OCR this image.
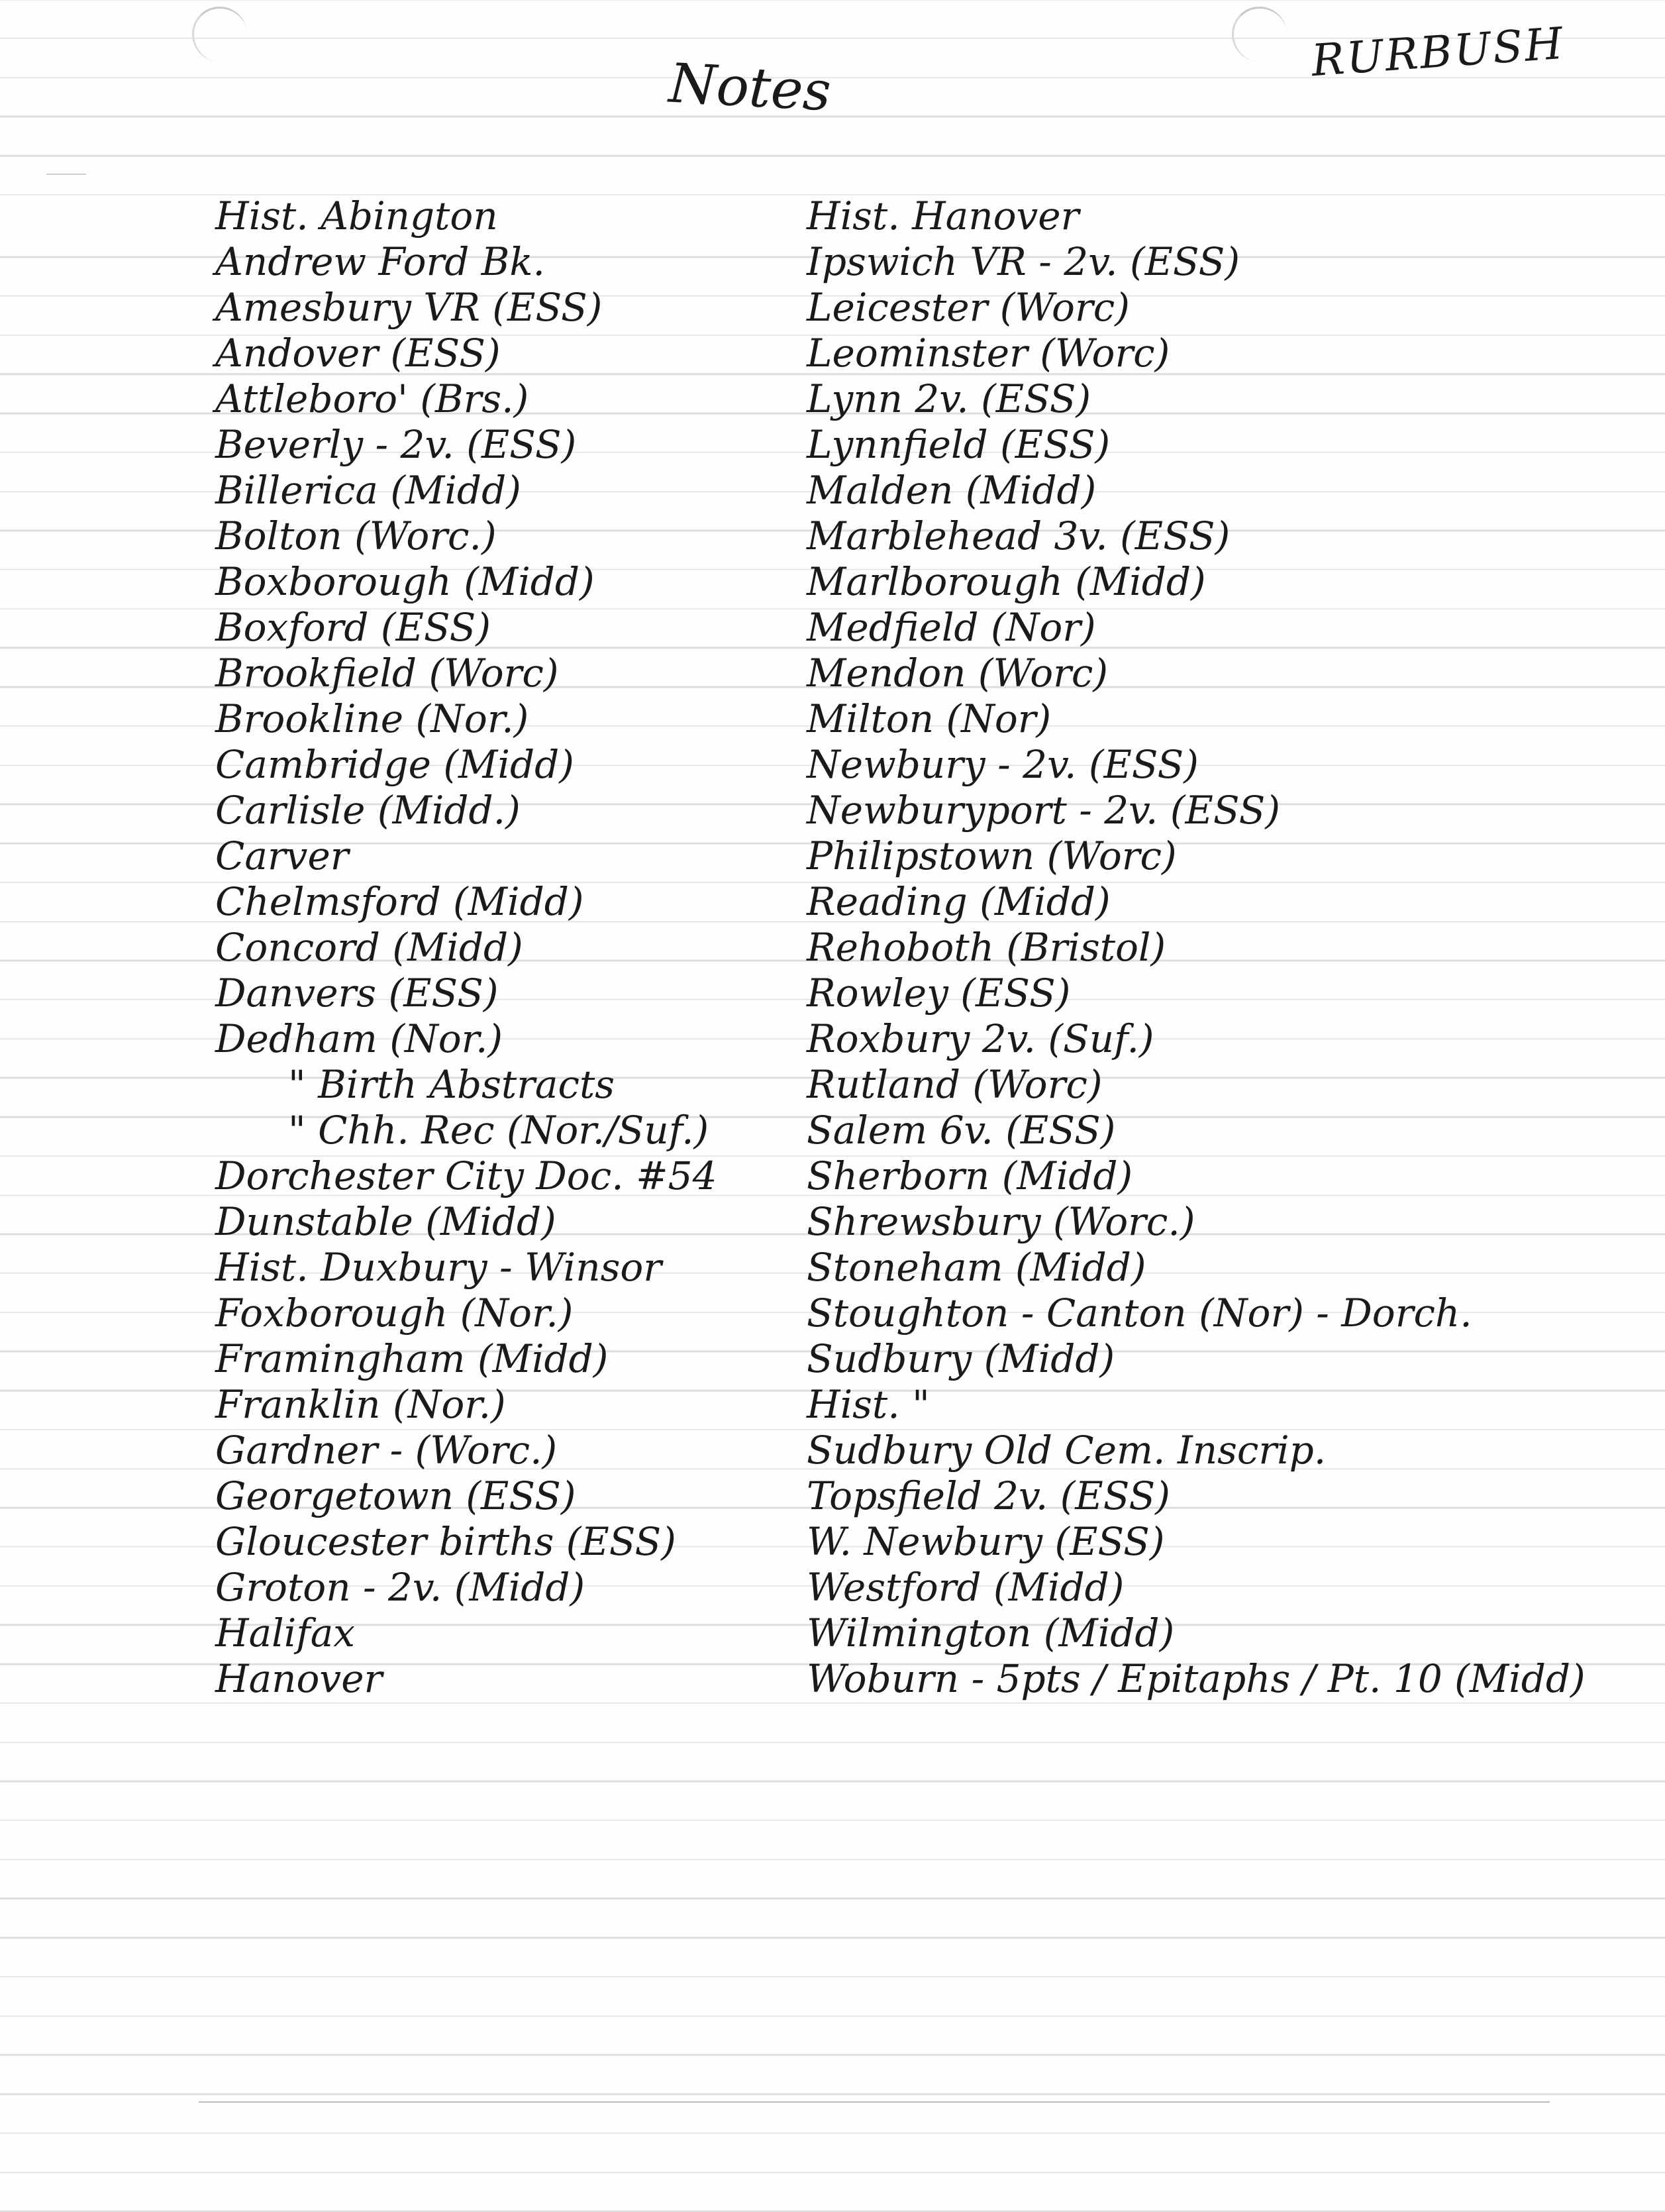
Notes
RURBUSH
Hist. Abington
Andrew Ford Bk.
Amesbury VR (ESS)
Andover (ESS)
Attleboro' (Brs.)
Beverly - 2v. (ESS)
Billerica (Midd)
Bolton (Worc.)
Boxborough (Midd)
Boxford (ESS)
Brookfield (Worc)
Brookline (Nor.)
Cambridge (Midd)
Carlisle (Midd.)
Carver
Chelmsford (Midd)
Concord (Midd)
Danvers (ESS)
Dedham (Nor.)
" Birth Abstracts
" Chh. Rec (Nor./Suf.)
Dorchester City Doc. #54
Dunstable (Midd)
Hist. Duxbury - Winsor
Foxborough (Nor.)
Framingham (Midd)
Franklin (Nor.)
Gardner - (Worc.)
Georgetown (ESS)
Gloucester births (ESS)
Groton - 2v. (Midd)
Halifax
Hanover
Hist. Hanover
Ipswich VR - 2v. (ESS)
Leicester (Worc)
Leominster (Worc)
Lynn 2v. (ESS)
Lynnfield (ESS)
Malden (Midd)
Marblehead 3v. (ESS)
Marlborough (Midd)
Medfield (Nor)
Mendon (Worc)
Milton (Nor)
Newbury - 2v. (ESS)
Newburyport - 2v. (ESS)
Philipstown (Worc)
Reading (Midd)
Rehoboth (Bristol)
Rowley (ESS)
Roxbury 2v. (Suf.)
Rutland (Worc)
Salem 6v. (ESS)
Sherborn (Midd)
Shrewsbury (Worc.)
Stoneham (Midd)
Stoughton - Canton (Nor) - Dorch.
Sudbury (Midd)
Hist. "
Sudbury Old Cem. Inscrip.
Topsfield 2v. (ESS)
W. Newbury (ESS)
Westford (Midd)
Wilmington (Midd)
Woburn - 5pts / Epitaphs / Pt. 10 (Midd)
